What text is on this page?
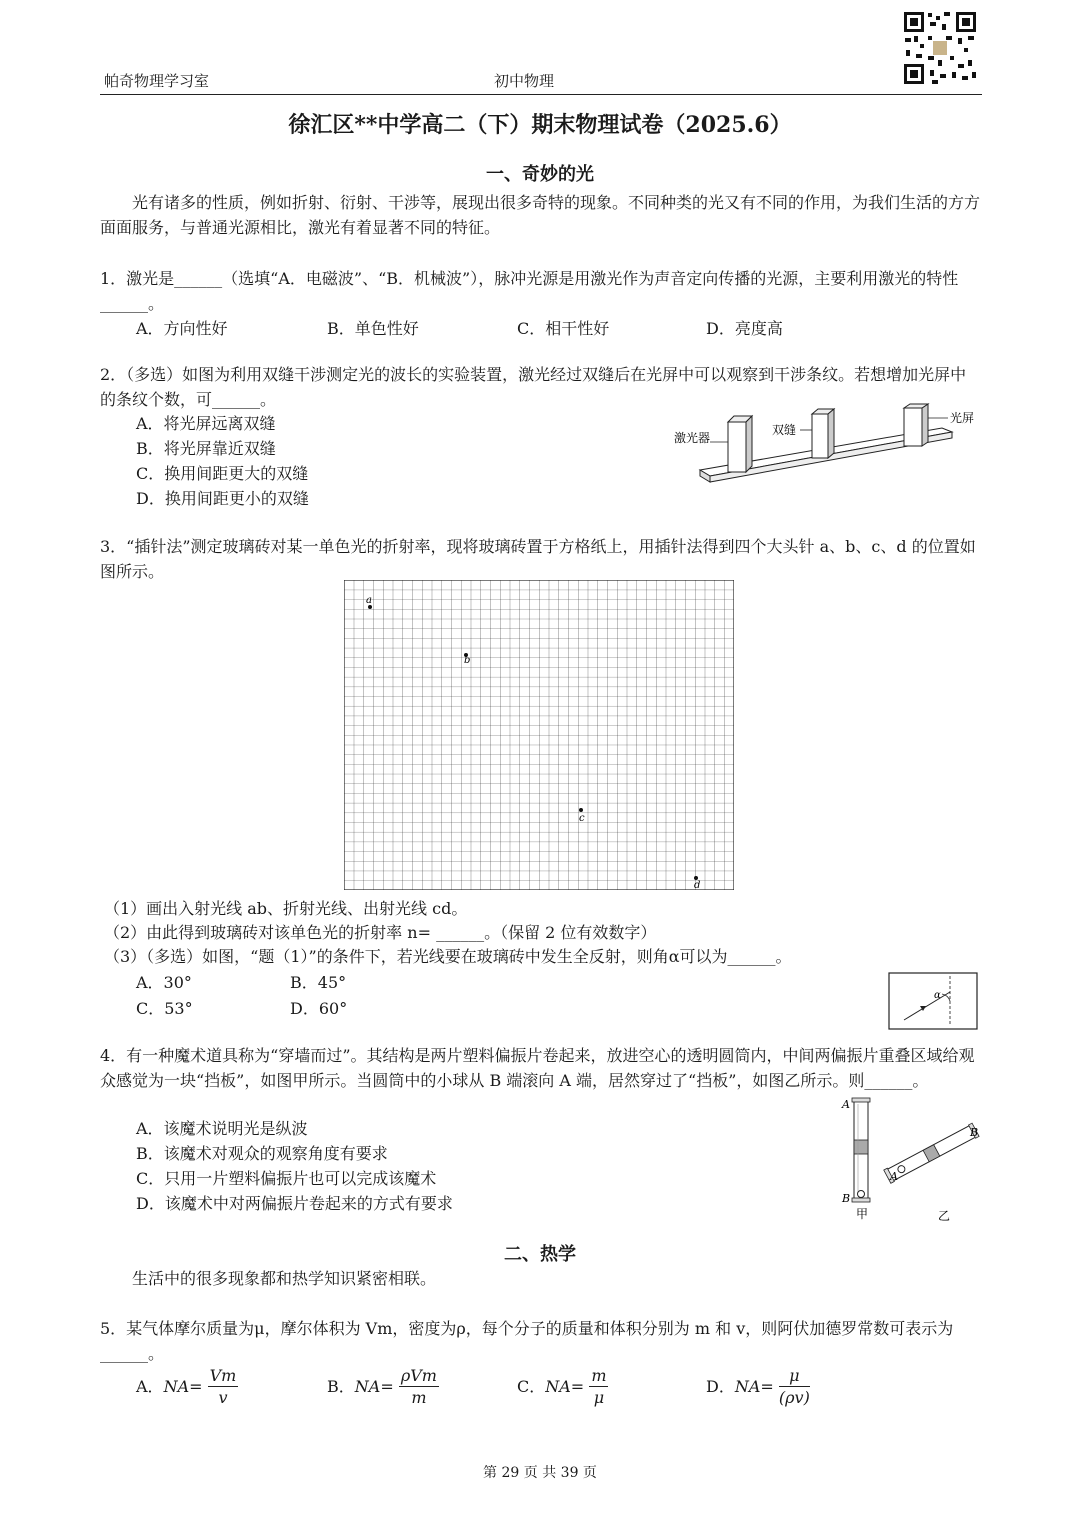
帕奇物理学习室	初中物理
徐汇区**中学高二（下）期末物理试卷（2025.6）
一、奇妙的光
光有诸多的性质，例如折射、衍射、干涉等，展现出很多奇特的现象。不同种类的光又有不同的作用，为我们生活的方方面面服务，与普通光源相比，激光有着显著不同的特征。
1．激光是______（选填“A．电磁波”、“B．机械波”），脉冲光源是用激光作为声音定向传播的光源，主要利用激光的特性______。
A．方向性好	B．单色性好	C．相干性好	D．亮度高
2．（多选）如图为利用双缝干涉测定光的波长的实验装置，激光经过双缝后在光屏中可以观察到干涉条纹。若想增加光屏中的条纹个数，可______。
A．将光屏远离双缝
B．将光屏靠近双缝
C．换用间距更大的双缝
D．换用间距更小的双缝
激光器
双缝
光屏
3．“插针法”测定玻璃砖对某一单色光的折射率，现将玻璃砖置于方格纸上，用插针法得到四个大头针 a、b、c、d 的位置如图所示。
a
b
c
d
（1）画出入射光线 ab、折射光线、出射光线 cd。
（2）由此得到玻璃砖对该单色光的折射率 n= ______。（保留 2 位有效数字）
（3）（多选）如图，“题（1）”的条件下，若光线要在玻璃砖中发生全反射，则角α可以为______。
A．30°	B．45°
C．53°	D．60°
α
4．有一种魔术道具称为“穿墙而过”。其结构是两片塑料偏振片卷起来，放进空心的透明圆筒内，中间两偏振片重叠区域给观众感觉为一块“挡板”，如图甲所示。当圆筒中的小球从 B 端滚向 A 端，居然穿过了“挡板”，如图乙所示。则______。
A．该魔术说明光是纵波
B．该魔术对观众的观察角度有要求
C．只用一片塑料偏振片也可以完成该魔术
D．该魔术中对两偏振片卷起来的方式有要求
A
B
甲
A
B
乙
二、热学
生活中的很多现象都和热学知识紧密相联。
5．某气体摩尔质量为μ，摩尔体积为 Vm，密度为ρ，每个分子的质量和体积分别为 m 和 v，则阿伏加德罗常数可表示为______。
A．$NA= \frac{Vm}{v}$	B．$NA= \frac{\text{ρVm}}{m}$	C．$NA= \frac{m}{\mu}$	D．$NA= \frac{\mu}{(\rho v)}$
第 29 页 共 39 页
